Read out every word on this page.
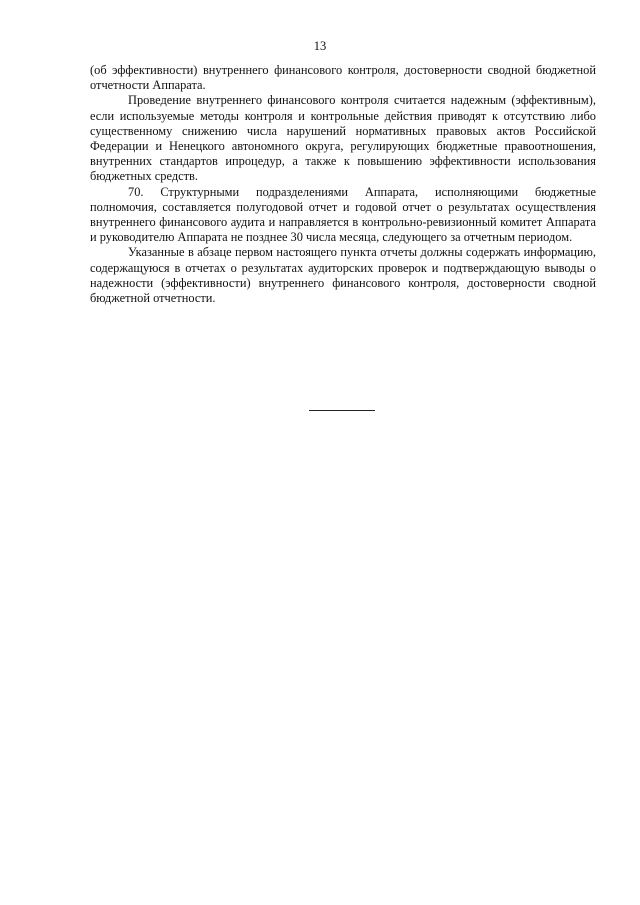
13

(об эффективности) внутреннего финансового контроля, достоверности сводной бюджетной отчетности Аппарата.

Проведение внутреннего финансового контроля считается надежным (эффективным), если используемые методы контроля и контрольные действия приводят к отсутствию либо существенному снижению числа нарушений нормативных правовых актов Российской Федерации и Ненецкого автономного округа, регулирующих бюджетные правоотношения, внутренних стандартов ипроцедур, а также к повышению эффективности использования бюджетных средств.

70. Структурными подразделениями Аппарата, исполняющими бюджетные полномочия, составляется полугодовой отчет и годовой отчет о результатах осуществления внутреннего финансового аудита и направляется в контрольно-ревизионный комитет Аппарата и руководителю Аппарата не позднее 30 числа месяца, следующего за отчетным периодом.

Указанные в абзаце первом настоящего пункта отчеты должны содержать информацию, содержащуюся в отчетах о результатах аудиторских проверок и подтверждающую выводы о надежности (эффективности) внутреннего финансового контроля, достоверности сводной бюджетной отчетности.
